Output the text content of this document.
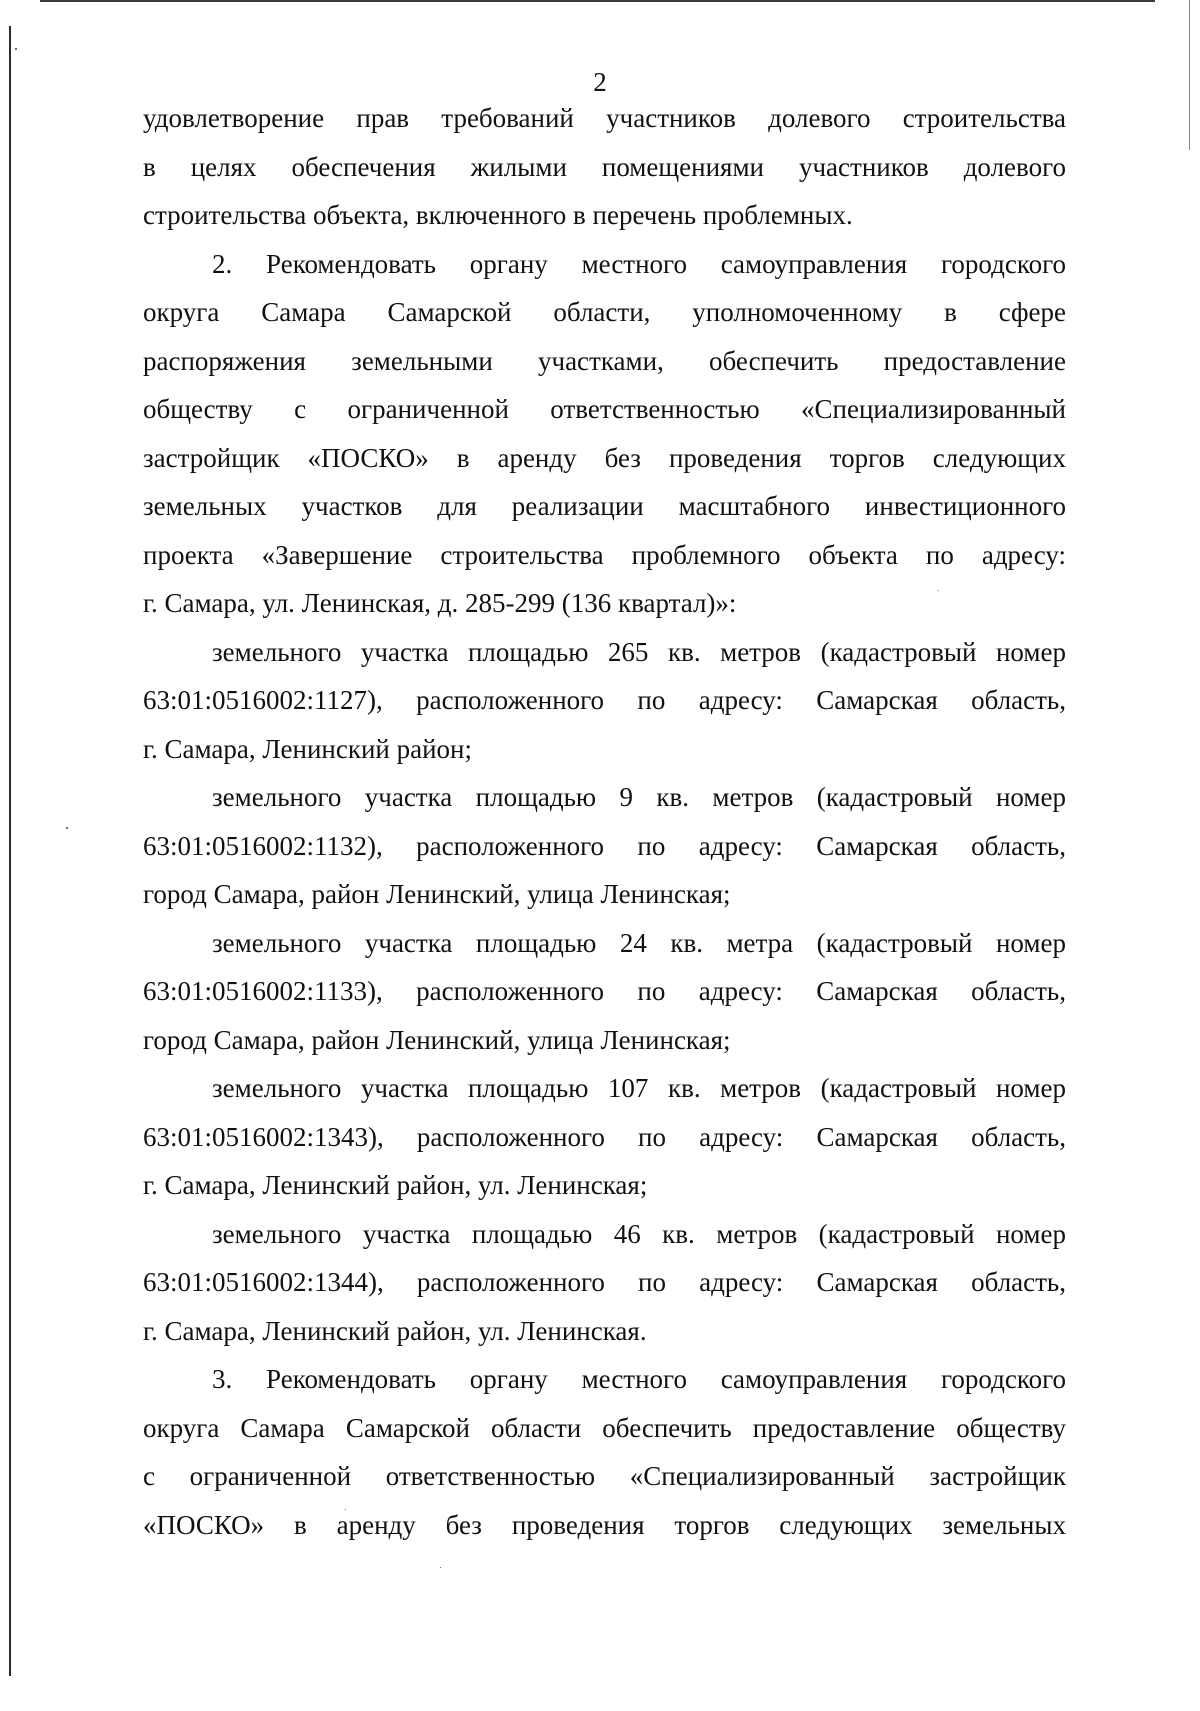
2

удовлетворение прав требований участников долевого строительства
в целях обеспечения жилыми помещениями участников долевого
строительства объекта, включенного в перечень проблемных.

2. Рекомендовать органу местного самоуправления городского
округа Самара Самарской области, уполномоченному в сфере
распоряжения земельными участками, обеспечить предоставление
обществу с ограниченной ответственностью «Специализированный
застройщик «ПОСКО» в аренду без проведения торгов следующих
земельных участков для реализации масштабного инвестиционного
проекта «Завершение строительства проблемного объекта по адресу:
г. Самара, ул. Ленинская, д. 285-299 (136 квартал)»:

земельного участка площадью 265 кв. метров (кадастровый номер
63:01:0516002:1127), расположенного по адресу: Самарская область,
г. Самара, Ленинский район;

земельного участка площадью 9 кв. метров (кадастровый номер
63:01:0516002:1132), расположенного по адресу: Самарская область,
город Самара, район Ленинский, улица Ленинская;

земельного участка площадью 24 кв. метра (кадастровый номер
63:01:0516002:1133), расположенного по адресу: Самарская область,
город Самара, район Ленинский, улица Ленинская;

земельного участка площадью 107 кв. метров (кадастровый номер
63:01:0516002:1343), расположенного по адресу: Самарская область,
г. Самара, Ленинский район, ул. Ленинская;

земельного участка площадью 46 кв. метров (кадастровый номер
63:01:0516002:1344), расположенного по адресу: Самарская область,
г. Самара, Ленинский район, ул. Ленинская.

3. Рекомендовать органу местного самоуправления городского
округа Самара Самарской области обеспечить предоставление обществу
с ограниченной ответственностью «Специализированный застройщик
«ПОСКО» в аренду без проведения торгов следующих земельных
